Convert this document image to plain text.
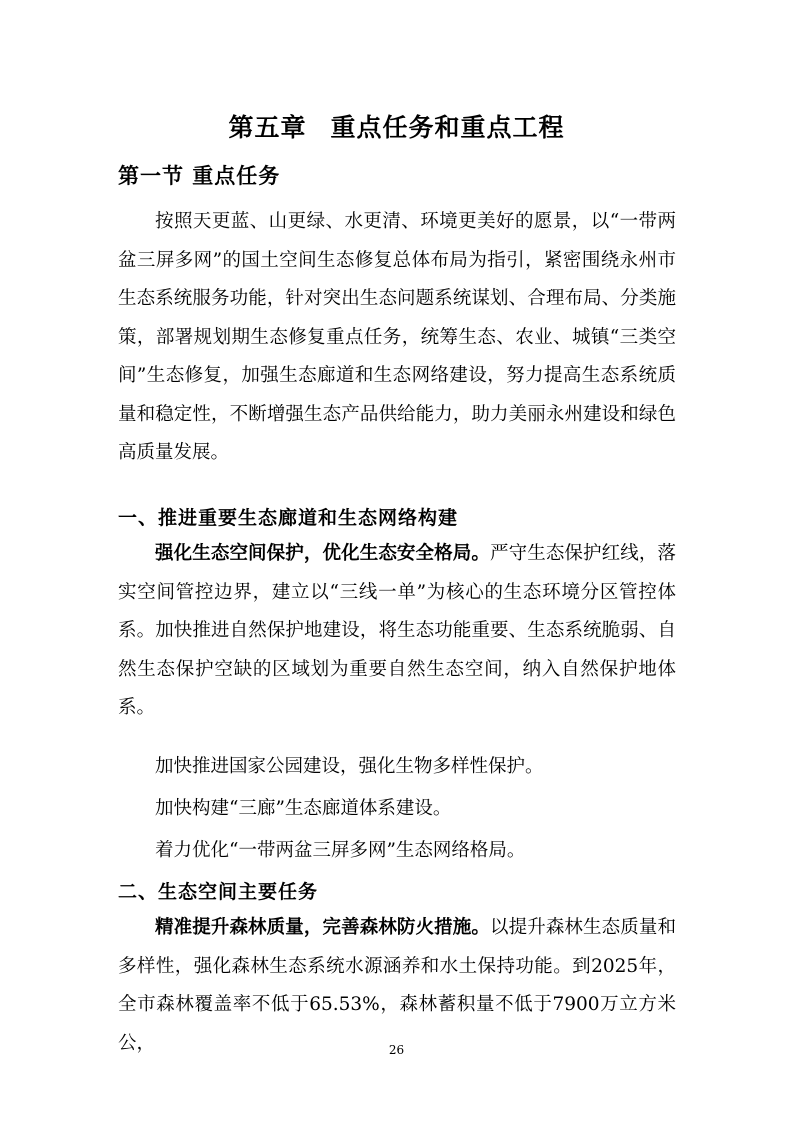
第五章 重点任务和重点工程
第一节 重点任务

按照天更蓝、山更绿、水更清、环境更美好的愿景，以“一带两盆三屏多网”的国土空间生态修复总体布局为指引，紧密围绕永州市生态系统服务功能，针对突出生态问题系统谋划、合理布局、分类施策，部署规划期生态修复重点任务，统筹生态、农业、城镇“三类空间”生态修复，加强生态廊道和生态网络建设，努力提高生态系统质量和稳定性，不断增强生态产品供给能力，助力美丽永州建设和绿色高质量发展。

一、推进重要生态廊道和生态网络构建

强化生态空间保护，优化生态安全格局。严守生态保护红线，落实空间管控边界，建立以“三线一单”为核心的生态环境分区管控体系。加快推进自然保护地建设，将生态功能重要、生态系统脆弱、自然生态保护空缺的区域划为重要自然生态空间，纳入自然保护地体系。

加快推进国家公园建设，强化生物多样性保护。

加快构建“三廊”生态廊道体系建设。

着力优化“一带两盆三屏多网”生态网络格局。

二、生态空间主要任务

精准提升森林质量，完善森林防火措施。以提升森林生态质量和多样性，强化森林生态系统水源涵养和水土保持功能。到2025年，全市森林覆盖率不低于65.53%，森林蓄积量不低于7900万立方米公，	26
